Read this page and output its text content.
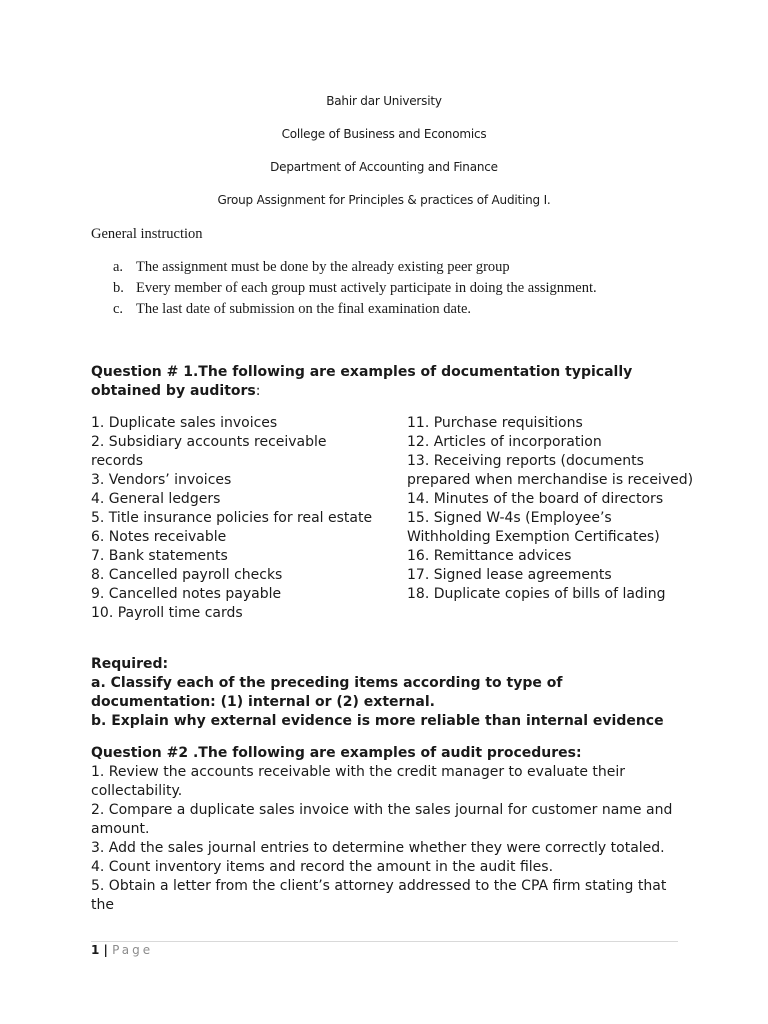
Bahir dar University
College of Business and Economics
Department of Accounting and Finance
Group Assignment for Principles & practices of Auditing I.
General instruction
a. The assignment must be done by the already existing peer group
b. Every member of each group must actively participate in doing the assignment.
c. The last date of submission on the final examination date.
Question # 1.The following are examples of documentation typically obtained by auditors:
1. Duplicate sales invoices
2. Subsidiary accounts receivable records
3. Vendors’ invoices
4. General ledgers
5. Title insurance policies for real estate
6. Notes receivable
7. Bank statements
8. Cancelled payroll checks
9. Cancelled notes payable
10. Payroll time cards
11. Purchase requisitions
12. Articles of incorporation
13. Receiving reports (documents prepared when merchandise is received)
14. Minutes of the board of directors
15. Signed W-4s (Employee’s Withholding Exemption Certificates)
16. Remittance advices
17. Signed lease agreements
18. Duplicate copies of bills of lading
Required:
a. Classify each of the preceding items according to type of documentation: (1) internal or (2) external.
b. Explain why external evidence is more reliable than internal evidence
Question #2 .The following are examples of audit procedures:
1. Review the accounts receivable with the credit manager to evaluate their collectability.
2. Compare a duplicate sales invoice with the sales journal for customer name and amount.
3. Add the sales journal entries to determine whether they were correctly totaled.
4. Count inventory items and record the amount in the audit files.
5. Obtain a letter from the client’s attorney addressed to the CPA firm stating that the
1 | Page
